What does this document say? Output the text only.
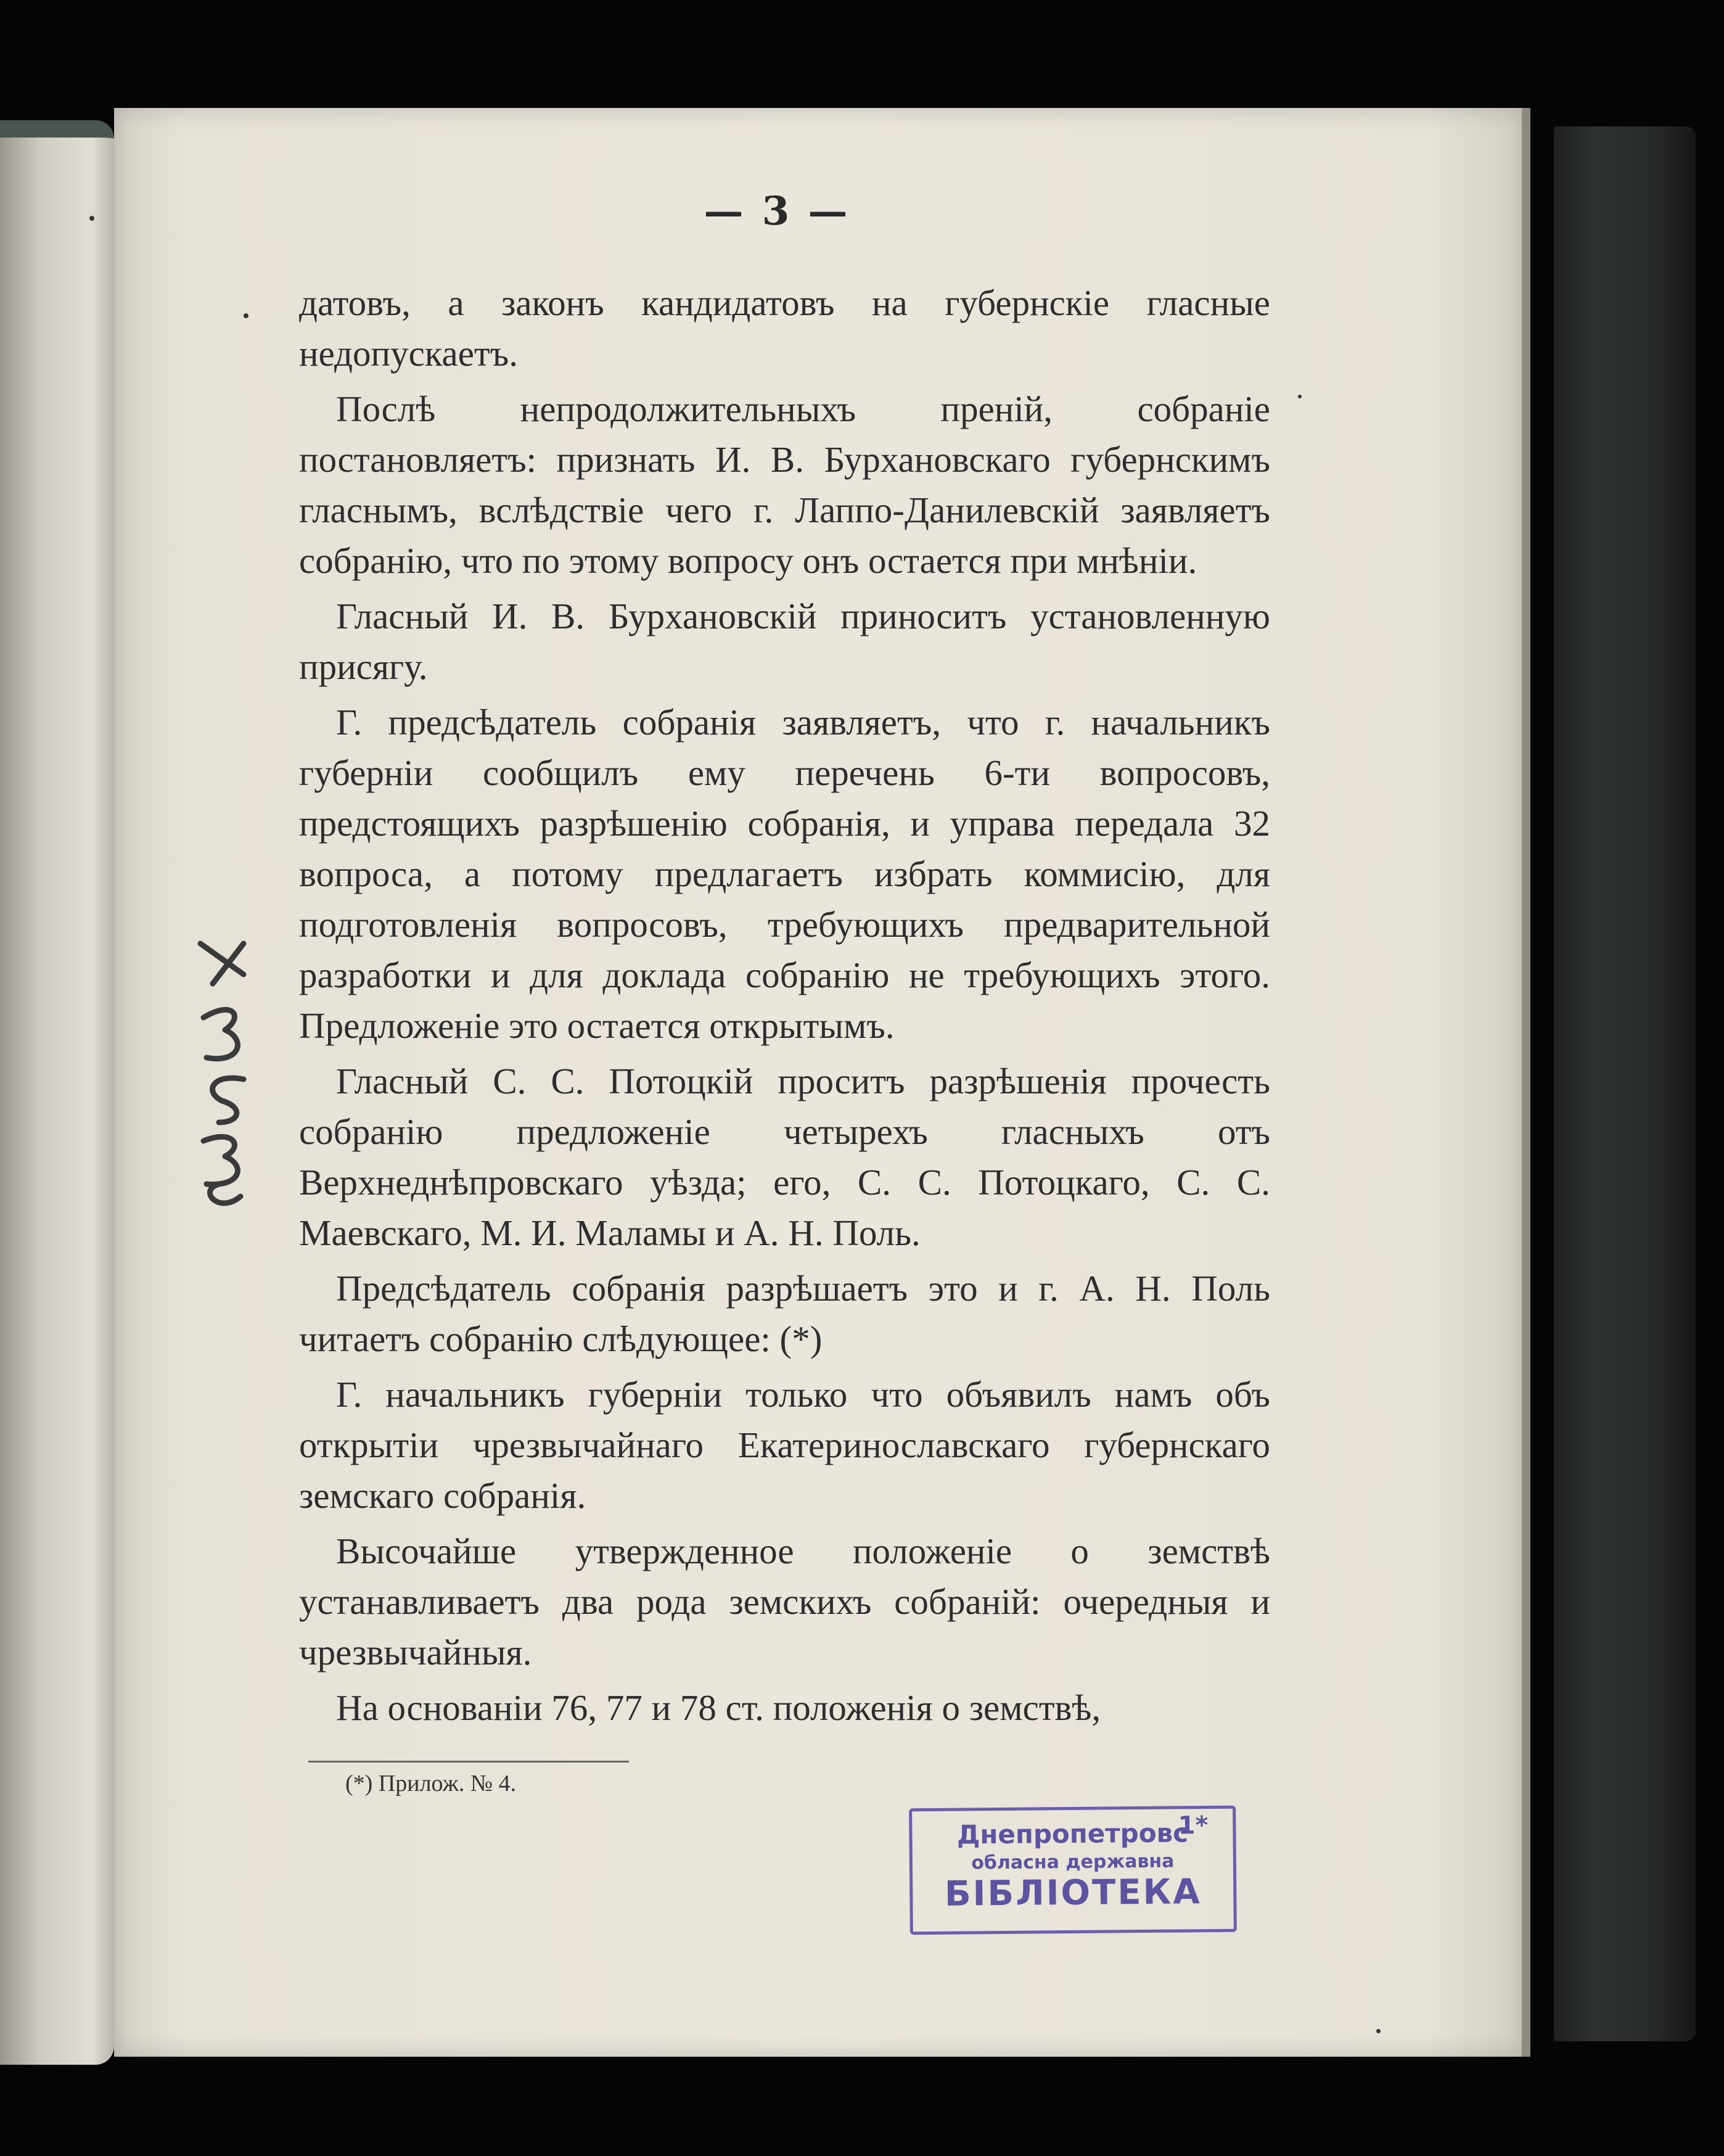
— 3 —

датовъ, а законъ кандидатовъ на губернскіе гласные недопускаетъ.

Послѣ непродолжительныхъ преній, собраніе постановляетъ: признать И. В. Бурхановскаго губернскимъ гласнымъ, вслѣдствіе чего г. Лаппо-Данилевскій заявляетъ собранію, что по этому вопросу онъ остается при мнѣніи.

Гласный И. В. Бурхановскій приноситъ установленную присягу.

Г. предсѣдатель собранія заявляетъ, что г. начальникъ губерніи сообщилъ ему перечень 6-ти вопросовъ, предстоящихъ разрѣшенію собранія, и управа передала 32 вопроса, а потому предлагаетъ избрать коммисію, для подготовленія вопросовъ, требующихъ предварительной разработки и для доклада собранію не требующихъ этого. Предложеніе это остается открытымъ.

Гласный С. С. Потоцкій проситъ разрѣшенія прочесть собранію предложеніе четырехъ гласныхъ отъ Верхнеднѣпровскаго уѣзда; его, С. С. Потоцкаго, С. С. Маевскаго, М. И. Маламы и А. Н. Поль.

Предсѣдатель собранія разрѣшаетъ это и г. А. Н. Поль читаетъ собранію слѣдующее: (*)

Г. начальникъ губерніи только что объявилъ намъ объ открытіи чрезвычайнаго Екатеринославскаго губернскаго земскаго собранія.

Высочайше утвержденное положеніе о земствѣ устанавливаетъ два рода земскихъ собраній: очередныя и чрезвычайныя.

На основаніи 76, 77 и 78 ст. положенія о земствѣ,

(*) Прилож. № 4.
Днепропетровс
обласна державна
БІБЛІОТЕКА
1*
